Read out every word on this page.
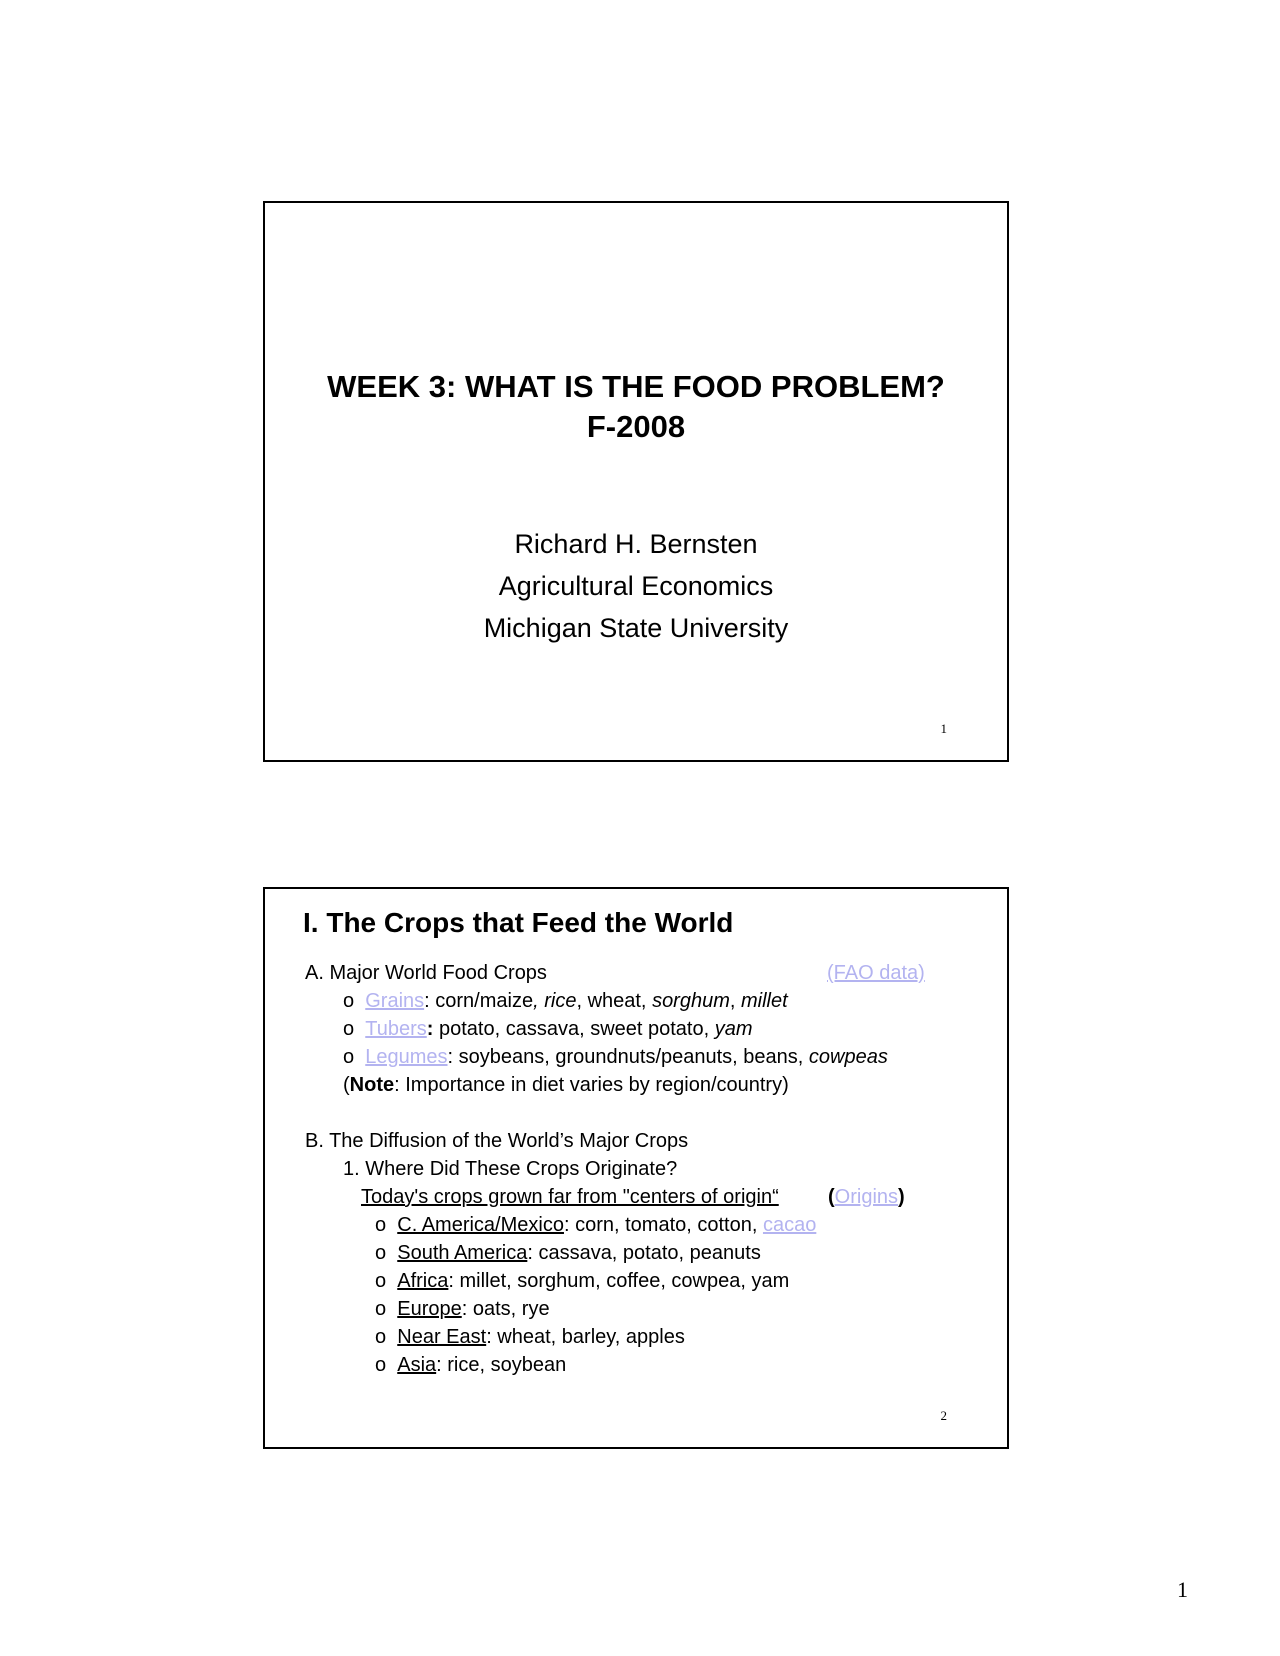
WEEK 3: WHAT IS THE FOOD PROBLEM?
F-2008
Richard H. Bernsten
Agricultural Economics
Michigan State University
1
I. The Crops that Feed the World
A. Major World Food Crops	(FAO data)
o Grains: corn/maize, rice, wheat, sorghum, millet
o Tubers: potato, cassava, sweet potato, yam
o Legumes: soybeans, groundnuts/peanuts, beans, cowpeas
(Note: Importance in diet varies by region/country)
B. The Diffusion of the World’s Major Crops
1. Where Did These Crops Originate?
Today's crops grown far from "centers of origin“ (Origins)
o C. America/Mexico: corn, tomato, cotton, cacao
o South America: cassava, potato, peanuts
o Africa: millet, sorghum, coffee, cowpea, yam
o Europe: oats, rye
o Near East: wheat, barley, apples
o Asia: rice, soybean
2
1
